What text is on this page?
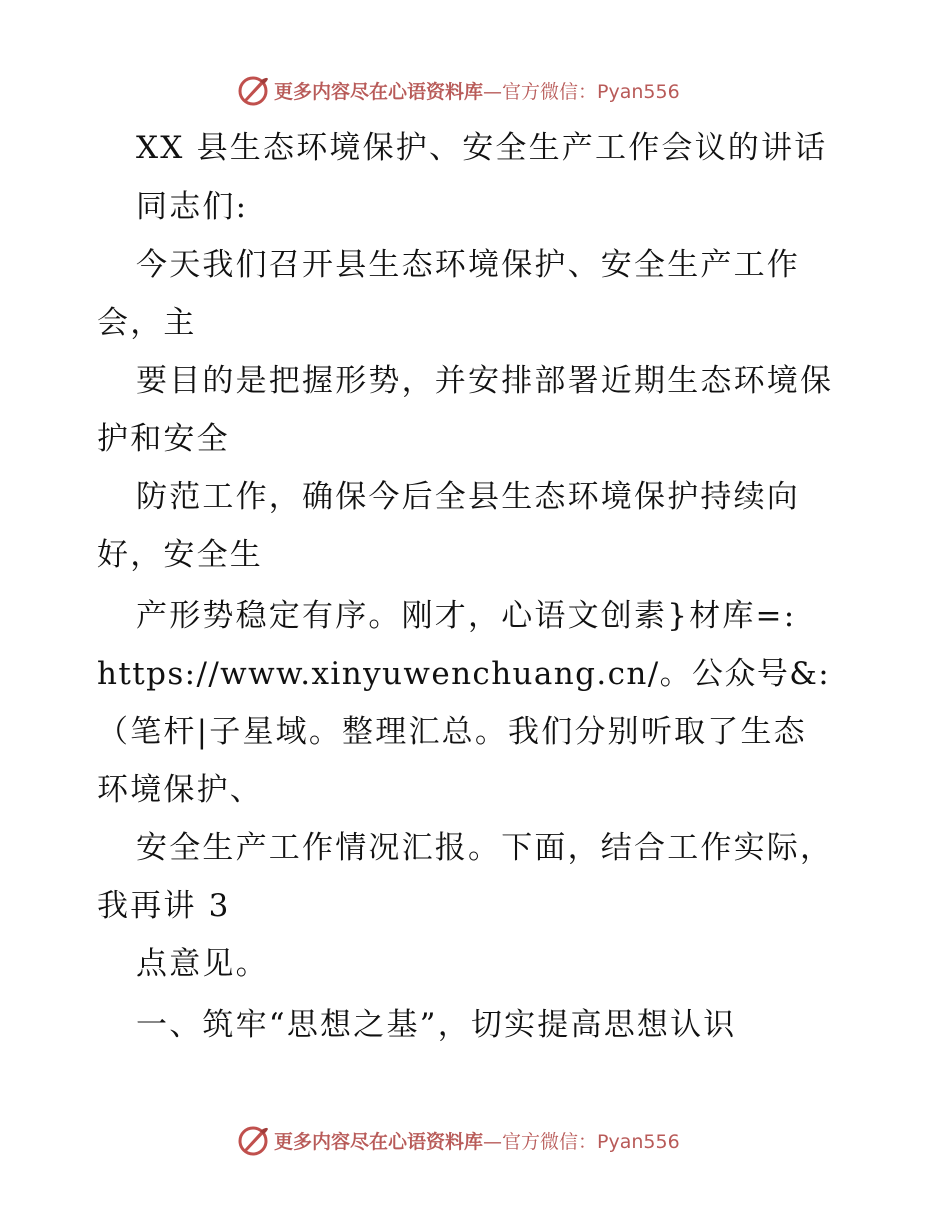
更多内容尽在心语资料库—官方微信：Pyan556
XX 县生态环境保护、安全生产工作会议的讲话
同志们:
今天我们召开县生态环境保护、安全生产工作
会，主
要目的是把握形势，并安排部署近期生态环境保
护和安全
防范工作，确保今后全县生态环境保护持续向
好，安全生
产形势稳定有序。刚才，心语文创素}材库=:
https://www.xinyuwenchuang.cn/。公众号&:
（笔杆|子星域。整理汇总。我们分别听取了生态
环境保护、
安全生产工作情况汇报。下面，结合工作实际，
我再讲 3
点意见。
一、筑牢“思想之基”，切实提高思想认识
更多内容尽在心语资料库—官方微信：Pyan556
